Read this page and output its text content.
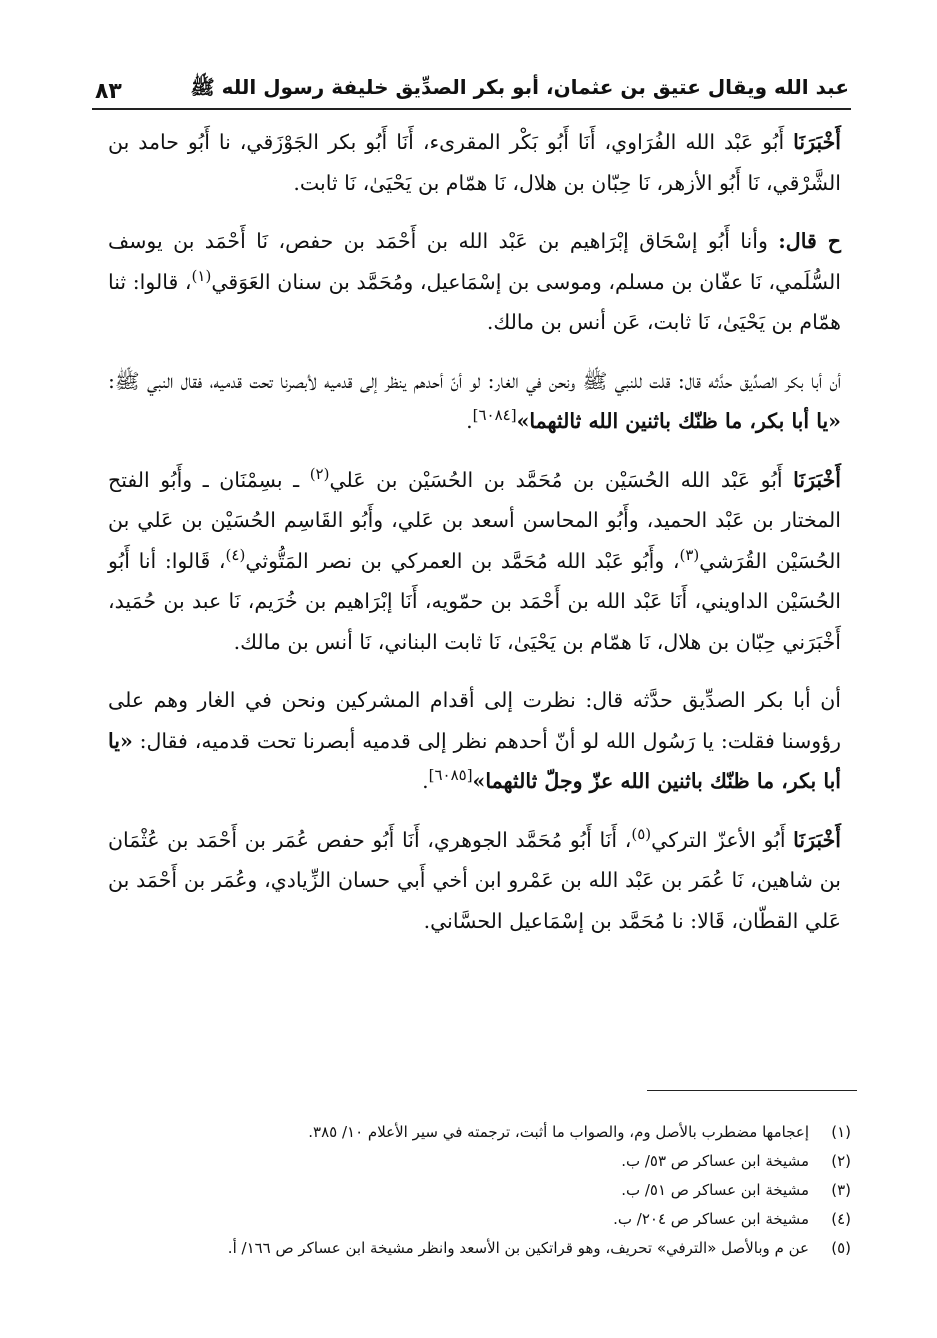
عبد الله ويقال عتيق بن عثمان، أبو بكر الصدِّيق خليفة رسول الله ﷺ
٨٣

أَخْبَرَنَا أَبُو عَبْد الله الفُرَاوي، أَنَا أَبُو بَكْر المقرىء، أَنَا أَبُو بكر الجَوْزَقي، نا أَبُو حامد بن الشَّرْقي، نَا أَبُو الأزهر، نَا حِبّان بن هلال، نَا همّام بن يَحْيَىٰ، نَا ثابت.

ح قال: وأنا أَبُو إسْحَاق إبْرَاهيم بن عَبْد الله بن أَحْمَد بن حفص، نَا أَحْمَد بن يوسف السُّلَمي، نَا عفّان بن مسلم، وموسى بن إسْمَاعيل، ومُحَمَّد بن سنان العَوَقي$^{(١)}$، قالوا: ثنا همّام بن يَحْيَىٰ، نَا ثابت، عَن أنس بن مالك.

أن أبا بكر الصدِّيق حدَّثه قال: قلت للنبي ﷺ ونحن في الغار: لو أنّ أحدهم ينظر إلى قدميه لأبصرنا تحت قدميه، فقال النبي ﷺ: «يا أبا بكر، ما ظنّك باثنين الله ثالثهما»[٦٠٨٤].

أَخْبَرَنَا أَبُو عَبْد الله الحُسَيْن بن مُحَمَّد بن الحُسَيْن بن عَلي$^{(٢)}$ ـ بسِمْنَان ـ وأَبُو الفتح المختار بن عَبْد الحميد، وأَبُو المحاسن أسعد بن عَلي، وأَبُو القَاسِم الحُسَيْن بن عَلي بن الحُسَيْن القُرَشي$^{(٣)}$، وأَبُو عَبْد الله مُحَمَّد بن العمركي بن نصر المَتُّوثي$^{(٤)}$، قَالوا: أنا أَبُو الحُسَيْن الداويني، أَنَا عَبْد الله بن أَحْمَد بن حمّويه، أَنَا إبْرَاهيم بن خُرَيم، نَا عبد بن حُمَيد، أَخْبَرَني حِبّان بن هلال، نَا همّام بن يَحْيَىٰ، نَا ثابت البناني، نَا أنس بن مالك.

أن أبا بكر الصدِّيق حدَّثه قال: نظرت إلى أقدام المشركين ونحن في الغار وهم على رؤوسنا فقلت: يا رَسُول الله لو أنّ أحدهم نظر إلى قدميه أبصرنا تحت قدميه، فقال: «يا أبا بكر، ما ظنّك باثنين الله عزّ وجلّ ثالثهما»[٦٠٨٥].

أَخْبَرَنَا أَبُو الأعزّ التركي$^{(٥)}$، أَنَا أَبُو مُحَمَّد الجوهري، أَنَا أَبُو حفص عُمَر بن أَحْمَد بن عُثْمَان بن شاهين، نَا عُمَر بن عَبْد الله بن عَمْرو ابن أخي أَبي حسان الزِّيادي، وعُمَر بن أَحْمَد بن عَلي القطّان، قَالا: نا مُحَمَّد بن إسْمَاعيل الحسَّاني.

(١)
إعجامها مضطرب بالأصل وم، والصواب ما أثبت، ترجمته في سير الأعلام ١٠/ ٣٨٥.
(٢)
مشيخة ابن عساكر ص ٥٣/ ب.
(٣)
مشيخة ابن عساكر ص ٥١/ ب.
(٤)
مشيخة ابن عساكر ص ٢٠٤/ ب.
(٥)
عن م وبالأصل «الترفي» تحريف، وهو قراتكين بن الأسعد وانظر مشيخة ابن عساكر ص ١٦٦/ أ.
